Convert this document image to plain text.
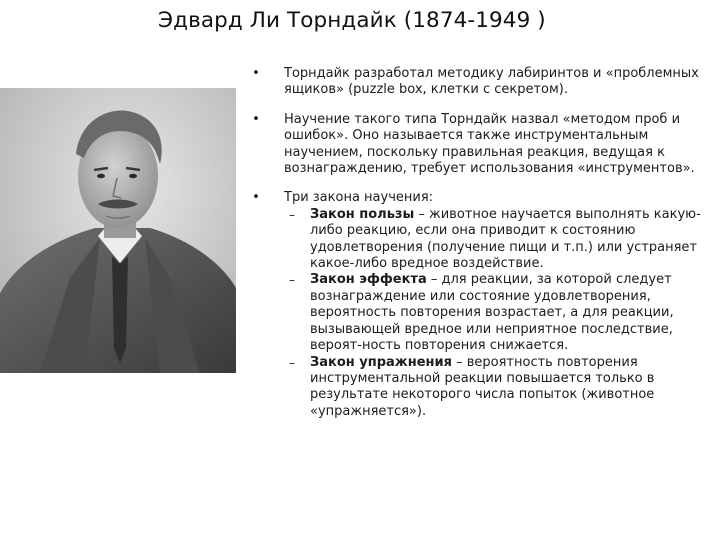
Эдвард Ли Торндайк (1874-1949 )
• Торндайк разработал методику лабиринтов и «проблемных ящиков» (puzzle box, клетки с секретом).
• Научение такого типа Торндайк назвал «методом проб и ошибок». Оно называется также инструментальным научением, поскольку правильная реакция, ведущая к вознаграждению, требует использования «инструментов».
• Три закона научения:
–	Закон пользы – животное научается выполнять какую-либо реакцию, если она приводит к состоянию удовлетворения (получение пищи и т.п.) или устраняет какое-либо вредное воздействие.
–	Закон эффекта – для реакции, за которой следует вознаграждение или состояние удовлетворения, вероятность повторения возрастает, а для реакции, вызывающей вредное или неприятное последствие, вероят-ность повторения снижается.
–	Закон упражнения – вероятность повторения инструментальной реакции повышается только в результате некоторого числа попыток (животное «упражняется»).
